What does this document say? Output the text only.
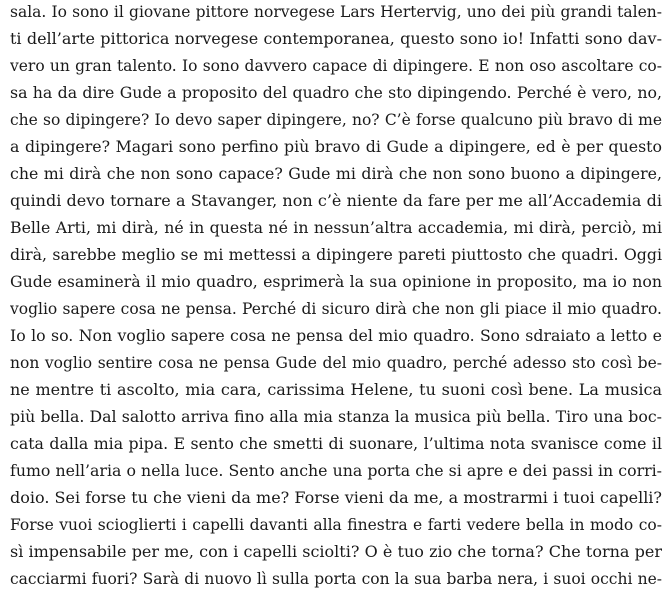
sala. Io sono il giovane pittore norvegese Lars Hertervig, uno dei più grandi talen-
ti dell’arte pittorica norvegese contemporanea, questo sono io! Infatti sono dav-
vero un gran talento. Io sono davvero capace di dipingere. E non oso ascoltare co-
sa ha da dire Gude a proposito del quadro che sto dipingendo. Perché è vero, no,
che so dipingere? Io devo saper dipingere, no? C’è forse qualcuno più bravo di me
a dipingere? Magari sono perfino più bravo di Gude a dipingere, ed è per questo
che mi dirà che non sono capace? Gude mi dirà che non sono buono a dipingere,
quindi devo tornare a Stavanger, non c’è niente da fare per me all’Accademia di
Belle Arti, mi dirà, né in questa né in nessun’altra accademia, mi dirà, perciò, mi
dirà, sarebbe meglio se mi mettessi a dipingere pareti piuttosto che quadri. Oggi
Gude esaminerà il mio quadro, esprimerà la sua opinione in proposito, ma io non
voglio sapere cosa ne pensa. Perché di sicuro dirà che non gli piace il mio quadro.
Io lo so. Non voglio sapere cosa ne pensa del mio quadro. Sono sdraiato a letto e
non voglio sentire cosa ne pensa Gude del mio quadro, perché adesso sto così be-
ne mentre ti ascolto, mia cara, carissima Helene, tu suoni così bene. La musica
più bella. Dal salotto arriva fino alla mia stanza la musica più bella. Tiro una boc-
cata dalla mia pipa. E sento che smetti di suonare, l’ultima nota svanisce come il
fumo nell’aria o nella luce. Sento anche una porta che si apre e dei passi in corri-
doio. Sei forse tu che vieni da me? Forse vieni da me, a mostrarmi i tuoi capelli?
Forse vuoi scioglierti i capelli davanti alla finestra e farti vedere bella in modo co-
sì impensabile per me, con i capelli sciolti? O è tuo zio che torna? Che torna per
cacciarmi fuori? Sarà di nuovo lì sulla porta con la sua barba nera, i suoi occhi ne-
